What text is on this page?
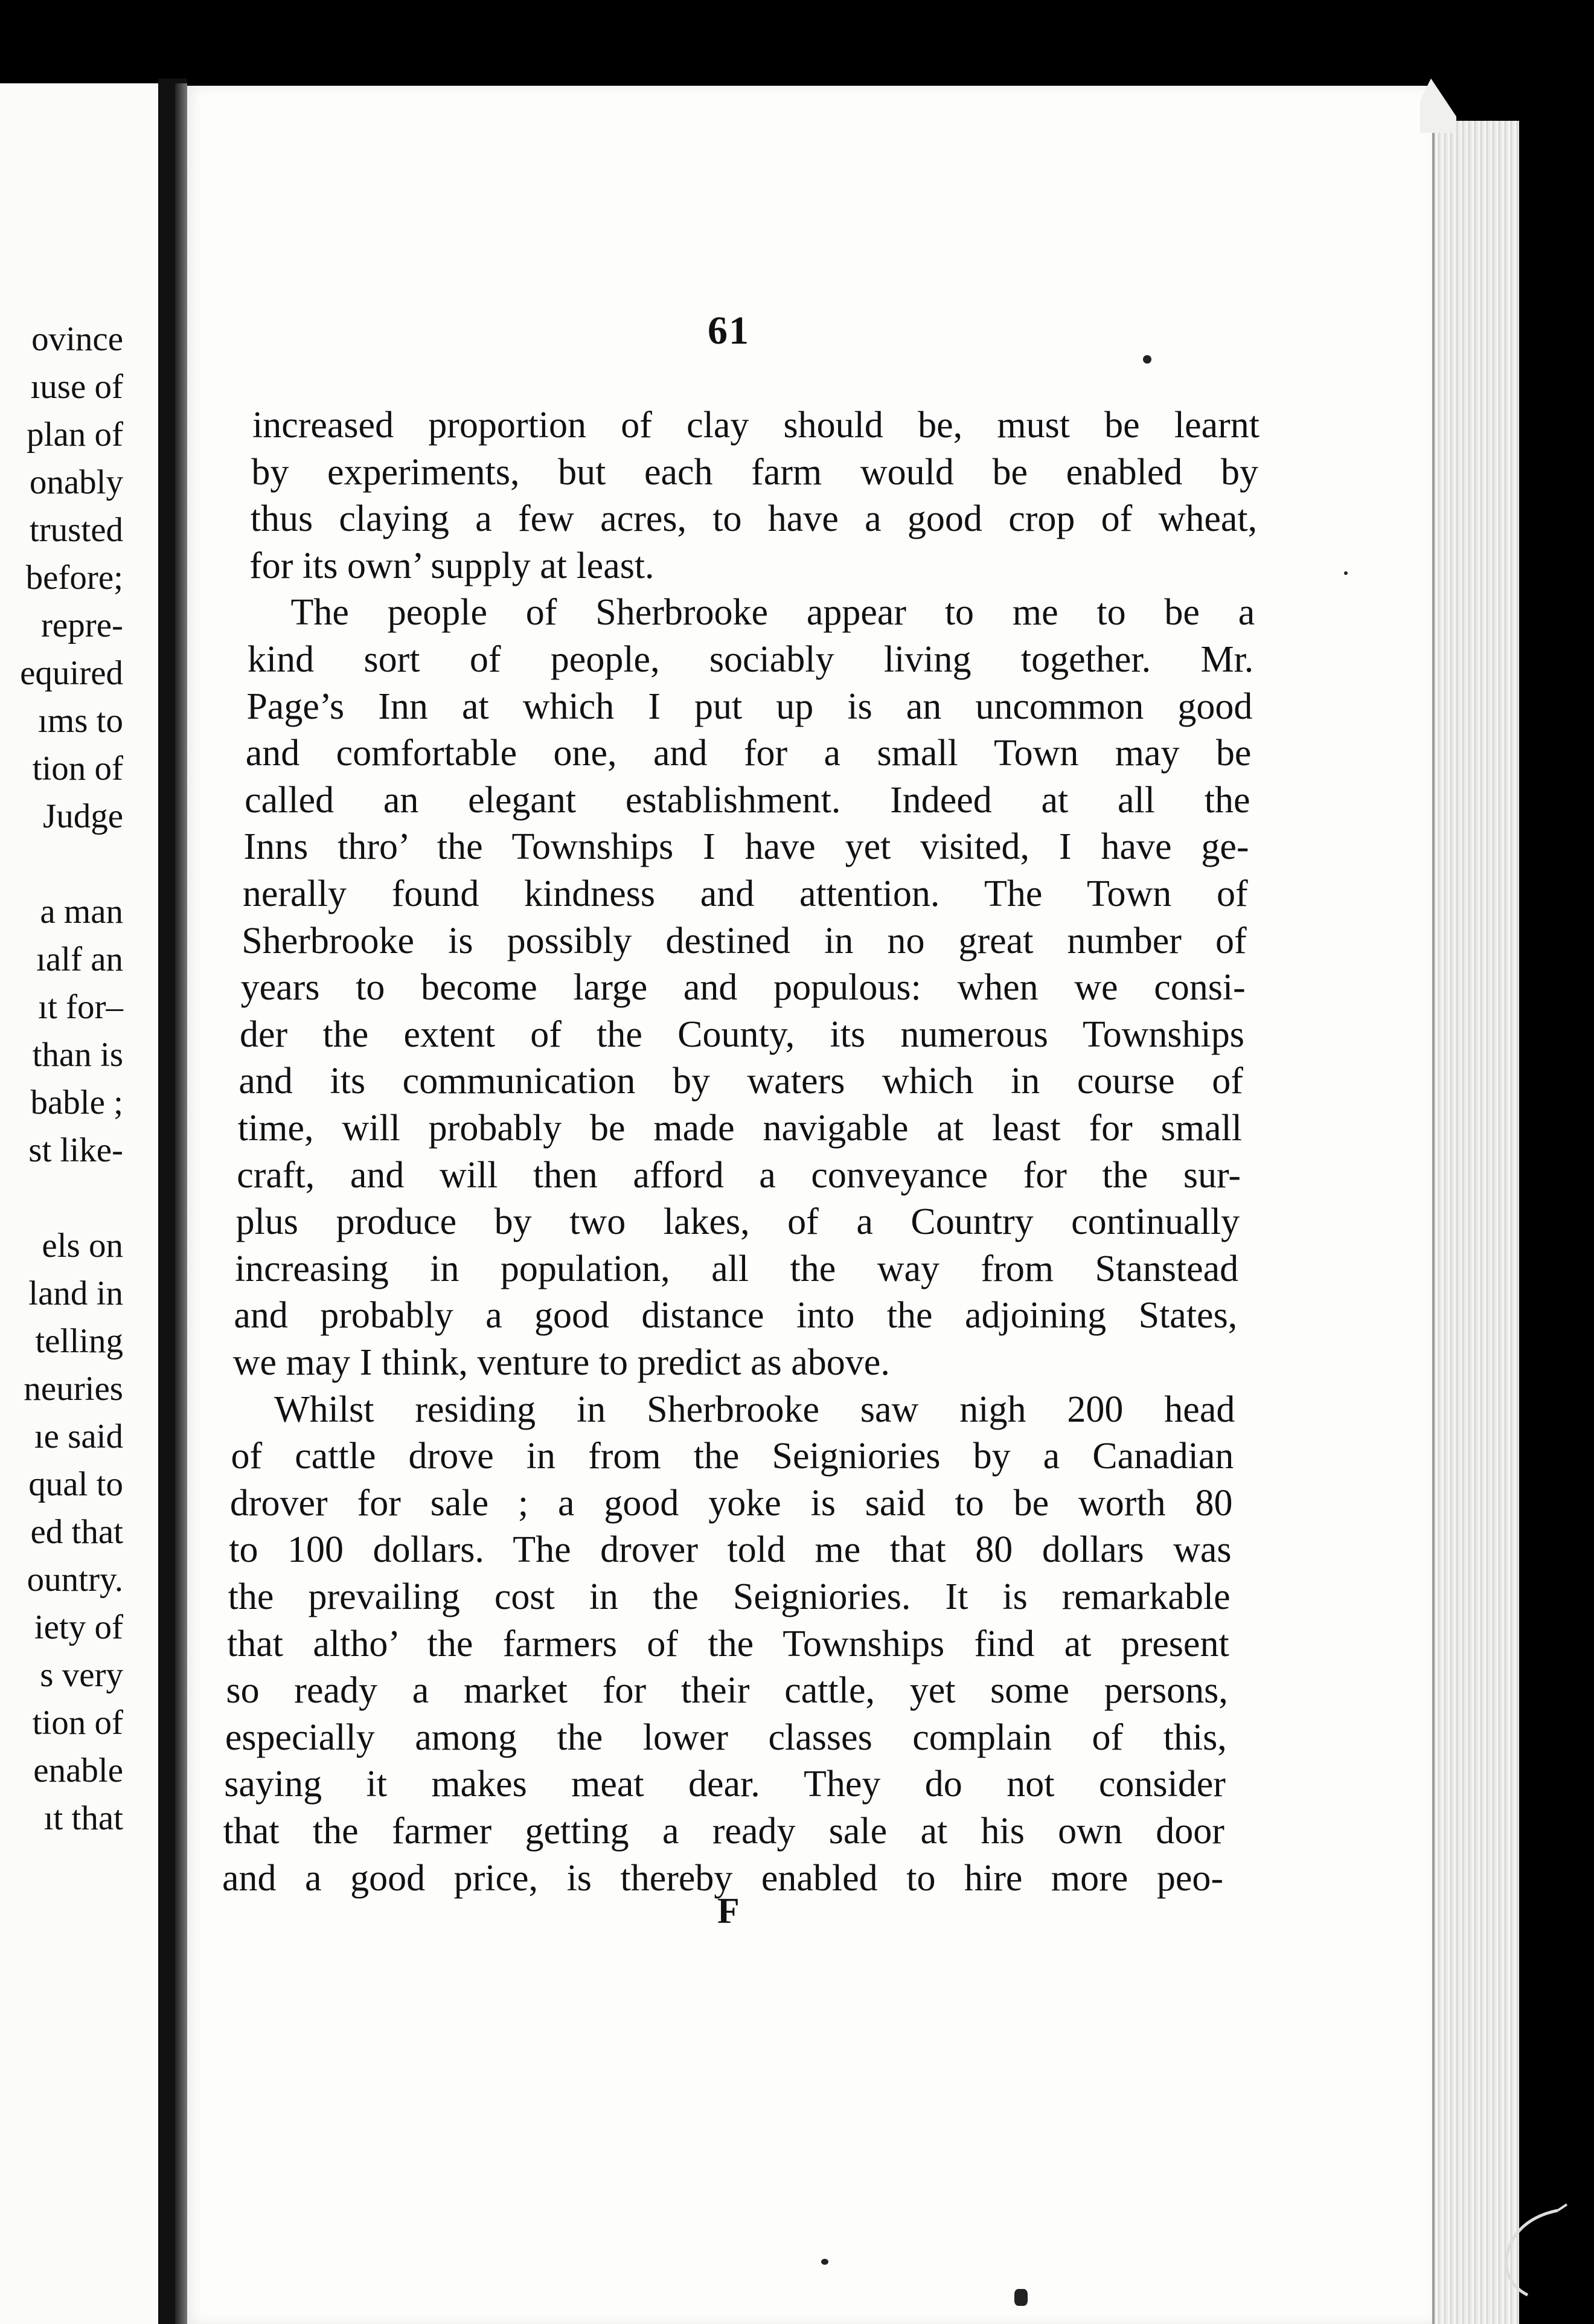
ovince
ıuse of
plan of
onably
trusted
before;
repre-
equired
ıms to
tion of
Judge
a man
ıalf an
ıt for–
than is
bable ;
st like-
els on
land in
telling
neuries
ıe said
qual to
ed that
ountry.
iety of
s very
tion of
enable
ıt that
61
increased proportion of clay should be, must be learnt
by experiments, but each farm would be enabled by
thus claying a few acres, to have a good crop of wheat,
for its own’ supply at least.
The people of Sherbrooke appear to me to be a
kind sort of people, sociably living together. Mr.
Page’s Inn at which I put up is an uncommon good
and comfortable one, and for a small Town may be
called an elegant establishment. Indeed at all the
Inns thro’ the Townships I have yet visited, I have ge-
nerally found kindness and attention. The Town of
Sherbrooke is possibly destined in no great number of
years to become large and populous: when we consi-
der the extent of the County, its numerous Townships
and its communication by waters which in course of
time, will probably be made navigable at least for small
craft, and will then afford a conveyance for the sur-
plus produce by two lakes, of a Country continually
increasing in population, all the way from Stanstead
and probably a good distance into the adjoining States,
we may I think, venture to predict as above.
Whilst residing in Sherbrooke saw nigh 200 head
of cattle drove in from the Seigniories by a Canadian
drover for sale ; a good yoke is said to be worth 80
to 100 dollars. The drover told me that 80 dollars was
the prevailing cost in the Seigniories. It is remarkable
that altho’ the farmers of the Townships find at present
so ready a market for their cattle, yet some persons,
especially among the lower classes complain of this,
saying it makes meat dear. They do not consider
that the farmer getting a ready sale at his own door
and a good price, is thereby enabled to hire more peo-
F
